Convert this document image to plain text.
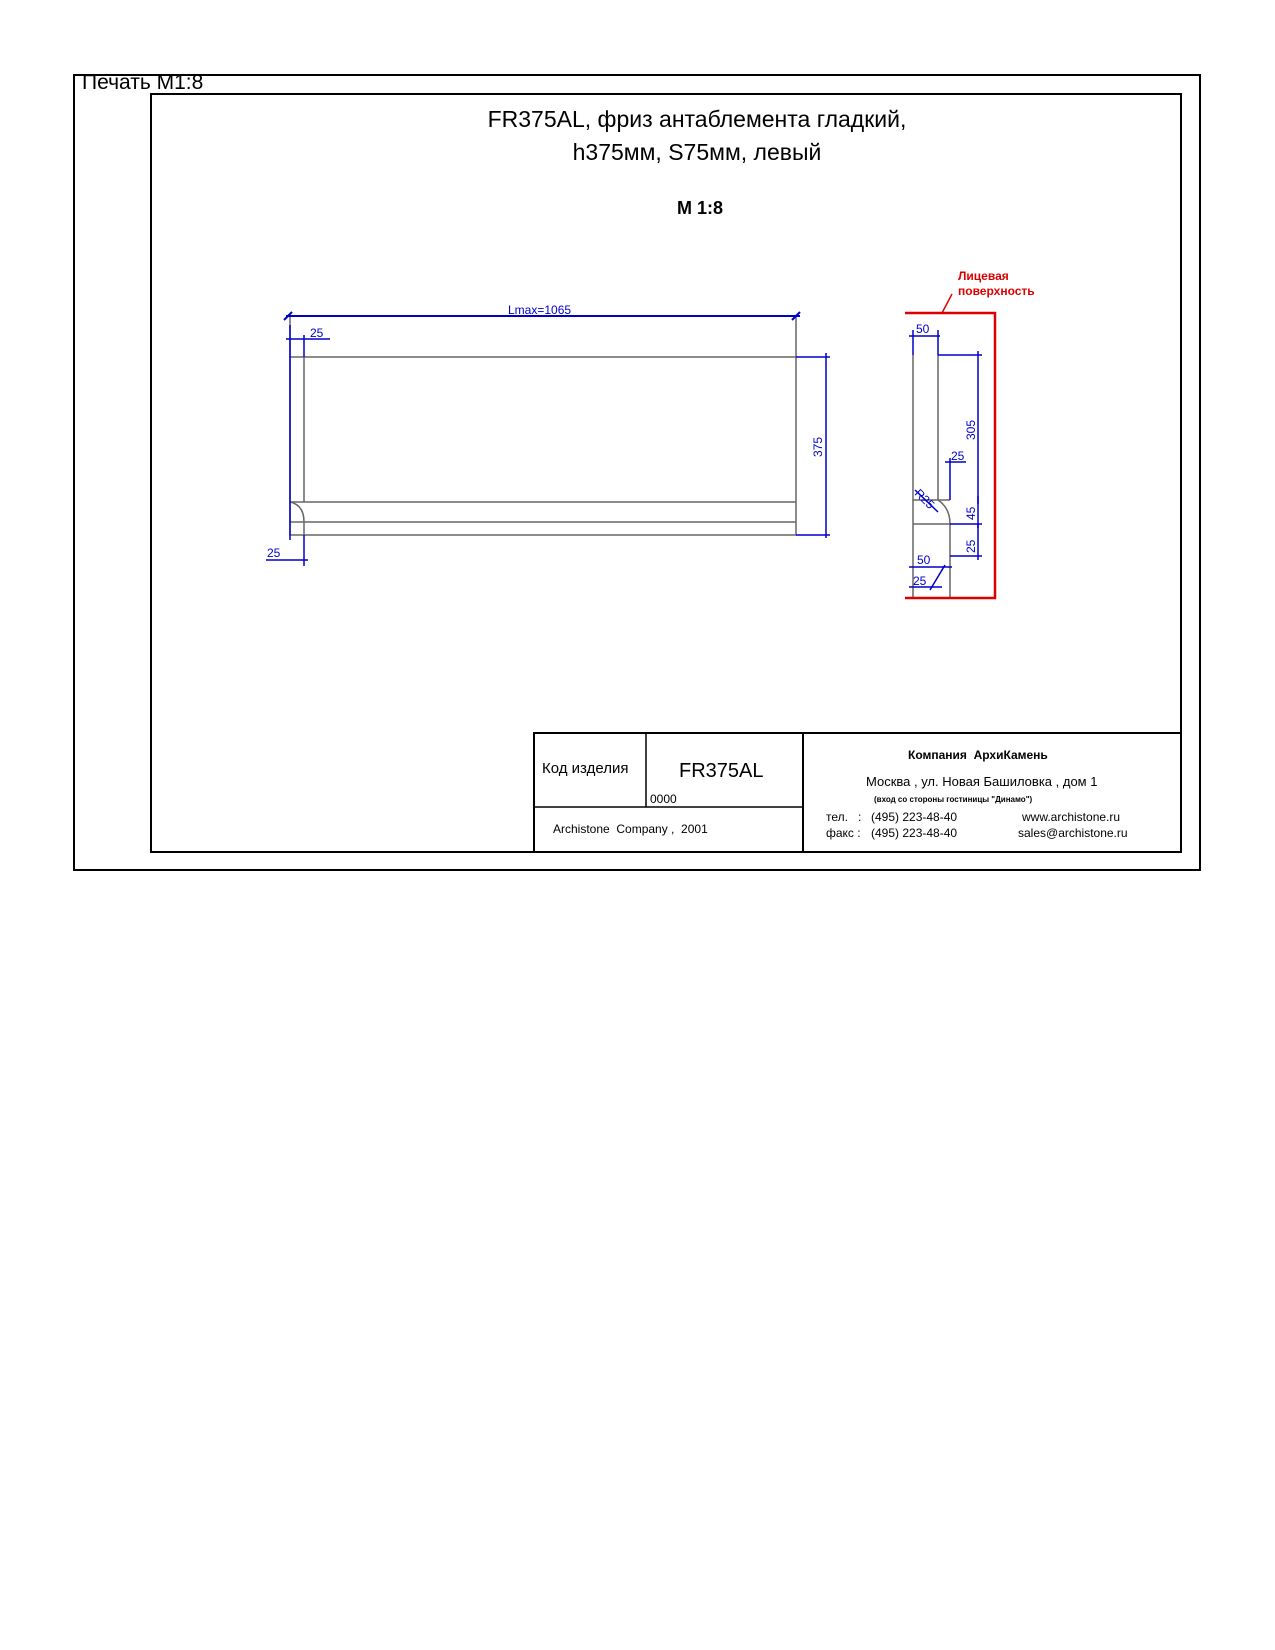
Lmax=1065
25
375
25
Лицевая
поверхность
50
305
25
R25
45
25
50
25
Печать М1:8
FR375AL, фриз антаблемента гладкий,
h375мм, S75мм, левый
М 1:8
Код изделия	FR375AL
0000
Archistone  Company ,  2001
Компания  АрхиКамень
Москва , ул. Новая Башиловка , дом 1
(вход со стороны гостиницы "Динамо")
тел.   : (495) 223-48-40	www.archistone.ru
факс : (495) 223-48-40	sales@archistone.ru
